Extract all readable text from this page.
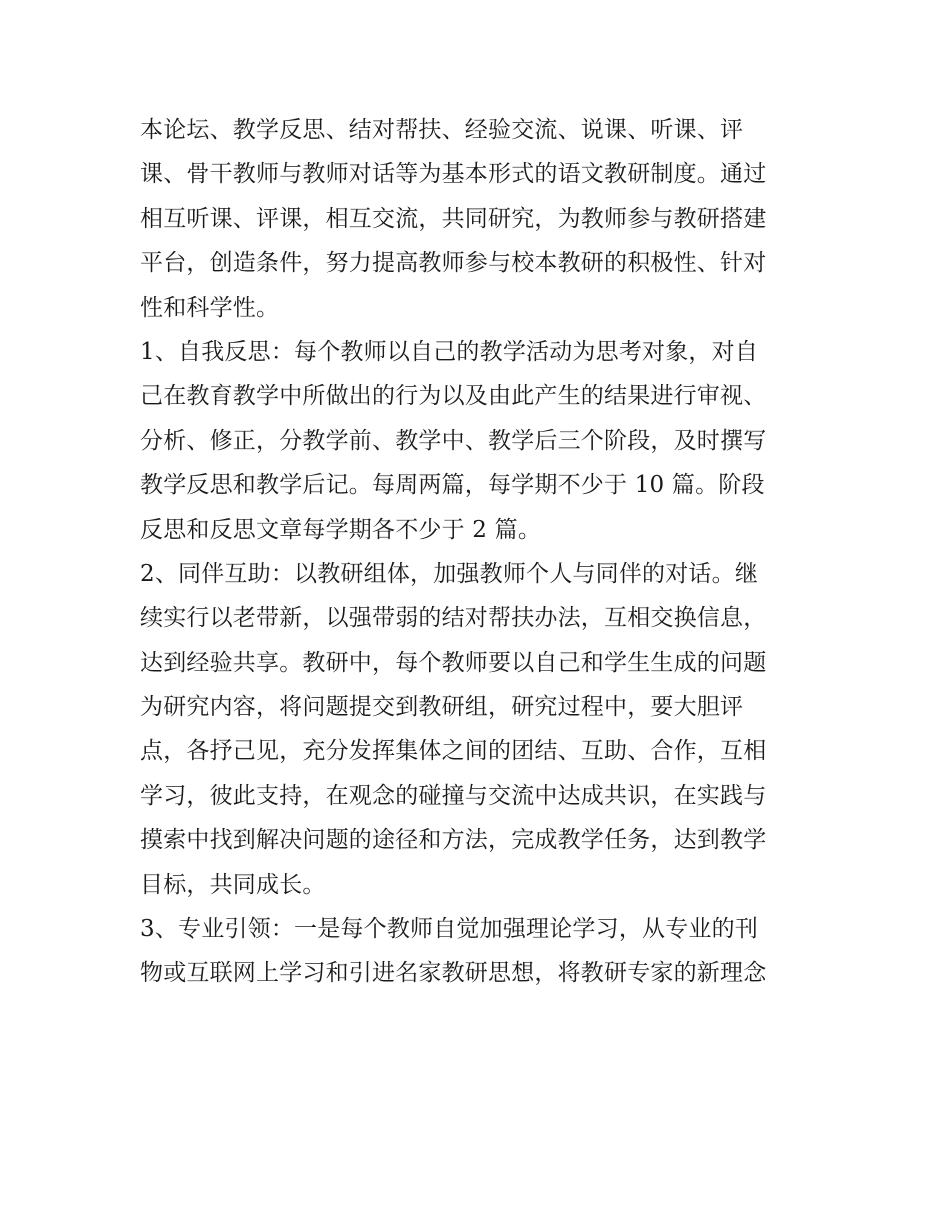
本论坛、教学反思、结对帮扶、经验交流、说课、听课、评
课、骨干教师与教师对话等为基本形式的语文教研制度。通过
相互听课、评课，相互交流，共同研究，为教师参与教研搭建
平台，创造条件，努力提高教师参与校本教研的积极性、针对
性和科学性。
1、自我反思：每个教师以自己的教学活动为思考对象，对自
己在教育教学中所做出的行为以及由此产生的结果进行审视、
分析、修正，分教学前、教学中、教学后三个阶段，及时撰写
教学反思和教学后记。每周两篇，每学期不少于 10 篇。阶段
反思和反思文章每学期各不少于 2 篇。
2、同伴互助：以教研组体，加强教师个人与同伴的对话。继
续实行以老带新，以强带弱的结对帮扶办法，互相交换信息，
达到经验共享。教研中，每个教师要以自己和学生生成的问题
为研究内容，将问题提交到教研组，研究过程中，要大胆评
点，各抒己见，充分发挥集体之间的团结、互助、合作，互相
学习，彼此支持，在观念的碰撞与交流中达成共识，在实践与
摸索中找到解决问题的途径和方法，完成教学任务，达到教学
目标，共同成长。
3、专业引领：一是每个教师自觉加强理论学习，从专业的刊
物或互联网上学习和引进名家教研思想，将教研专家的新理念
